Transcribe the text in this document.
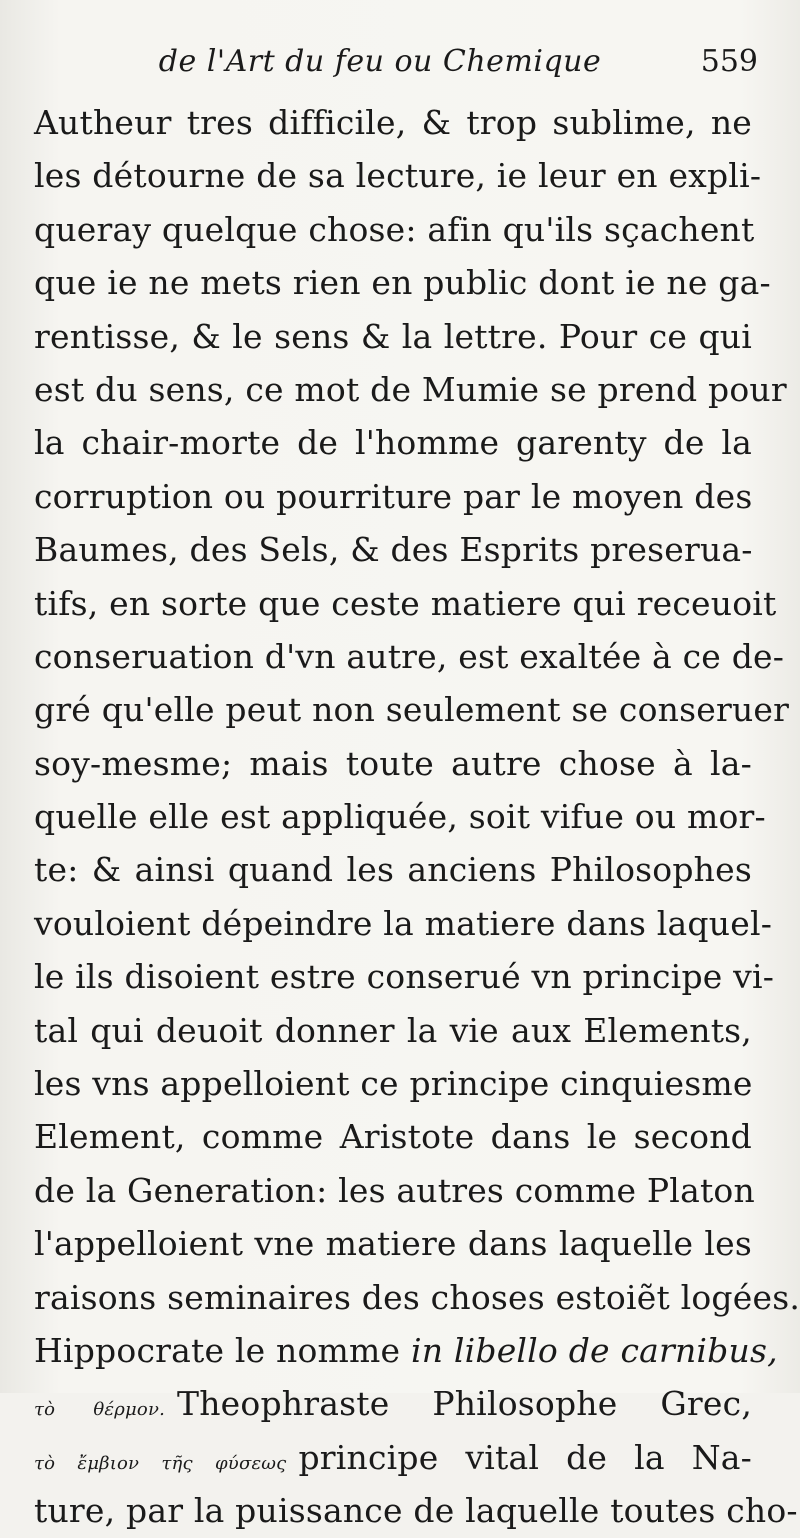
de l'Art du feu ou Chemique	559
Autheur tres difficile, & trop sublime, ne
les détourne de sa lecture, ie leur en expli-
queray quelque chose: afin qu'ils sçachent
que ie ne mets rien en public dont ie ne ga-
rentisse, & le sens & la lettre. Pour ce qui
est du sens, ce mot de Mumie se prend pour
la chair-morte de l'homme garenty de la
corruption ou pourriture par le moyen des
Baumes, des Sels, & des Esprits preserua-
tifs, en sorte que ceste matiere qui receuoit
conseruation d'vn autre, est exaltée à ce de-
gré qu'elle peut non seulement se conseruer
soy-mesme; mais toute autre chose à la-
quelle elle est appliquée, soit vifue ou mor-
te: & ainsi quand les anciens Philosophes
vouloient dépeindre la matiere dans laquel-
le ils disoient estre conserué vn principe vi-
tal qui deuoit donner la vie aux Elements,
les vns appelloient ce principe cinquiesme
Element, comme Aristote dans le second
de la Generation: les autres comme Platon
l'appelloient vne matiere dans laquelle les
raisons seminaires des choses estoiẽt logées.
Hippocrate le nomme in libello de carnibus,
τὸ θέρμον. Theophraste Philosophe Grec,
τὸ ἔμβιον τῆς φύσεως principe vital de la Na-
ture, par la puissance de laquelle toutes cho-
